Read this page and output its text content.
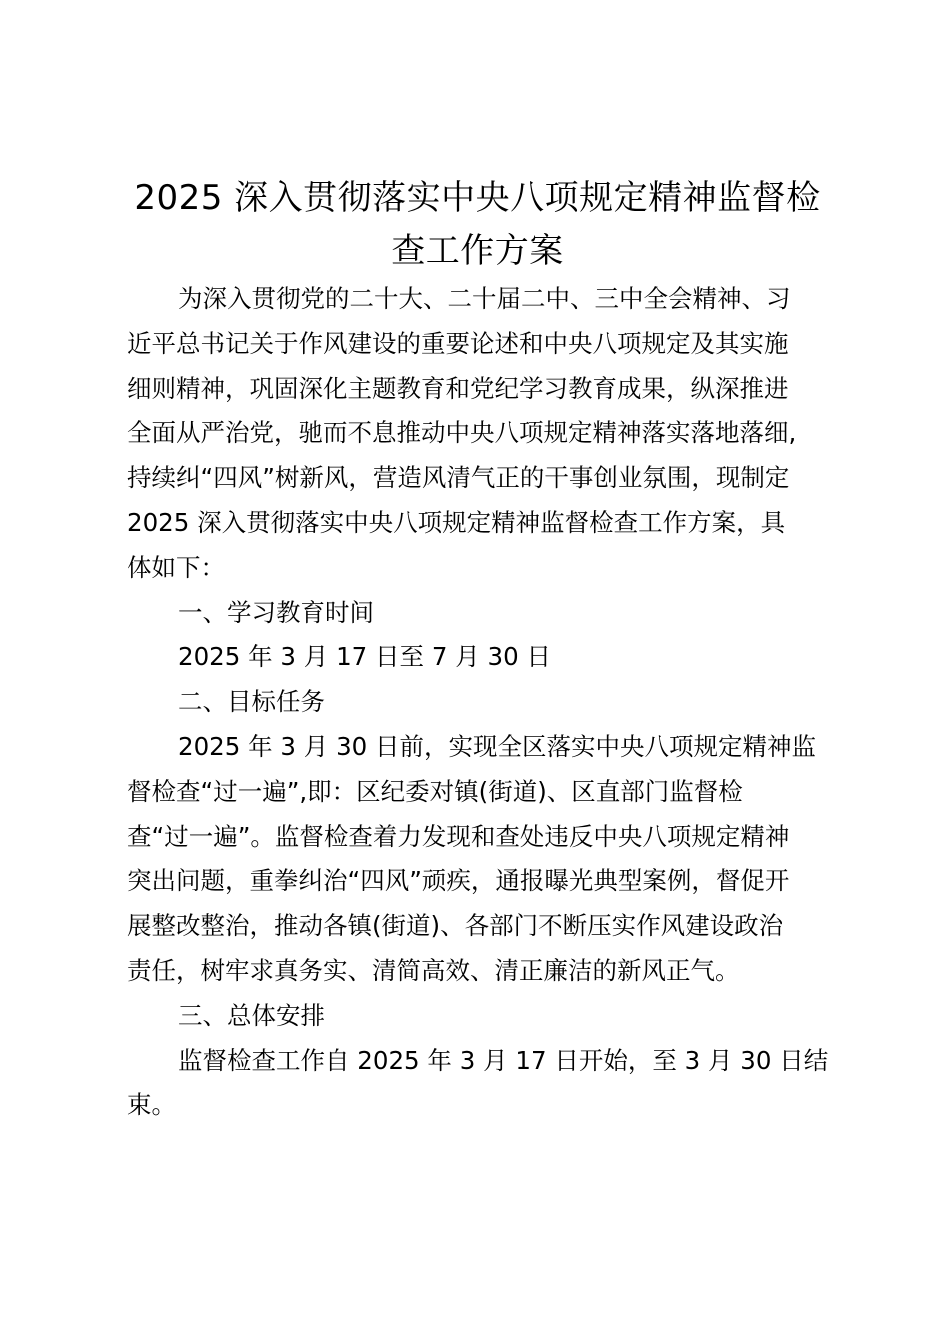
2025 深入贯彻落实中央八项规定精神监督检
查工作方案
为深入贯彻党的二十大、二十届二中、三中全会精神、习
近平总书记关于作风建设的重要论述和中央八项规定及其实施
细则精神，巩固深化主题教育和党纪学习教育成果，纵深推进
全面从严治党，驰而不息推动中央八项规定精神落实落地落细,
持续纠“四风”树新风，营造风清气正的干事创业氛围，现制定
2025 深入贯彻落实中央八项规定精神监督检查工作方案，具
体如下：
一、学习教育时间
2025 年 3 月 17 日至 7 月 30 日
二、目标任务
2025 年 3 月 30 日前，实现全区落实中央八项规定精神监
督检查“过一遍”,即：区纪委对镇(街道)、区直部门监督检
查“过一遍”。监督检查着力发现和查处违反中央八项规定精神
突出问题，重拳纠治“四风”顽疾，通报曝光典型案例，督促开
展整改整治，推动各镇(街道)、各部门不断压实作风建设政治
责任，树牢求真务实、清简高效、清正廉洁的新风正气。
三、总体安排
监督检查工作自 2025 年 3 月 17 日开始，至 3 月 30 日结
束。
